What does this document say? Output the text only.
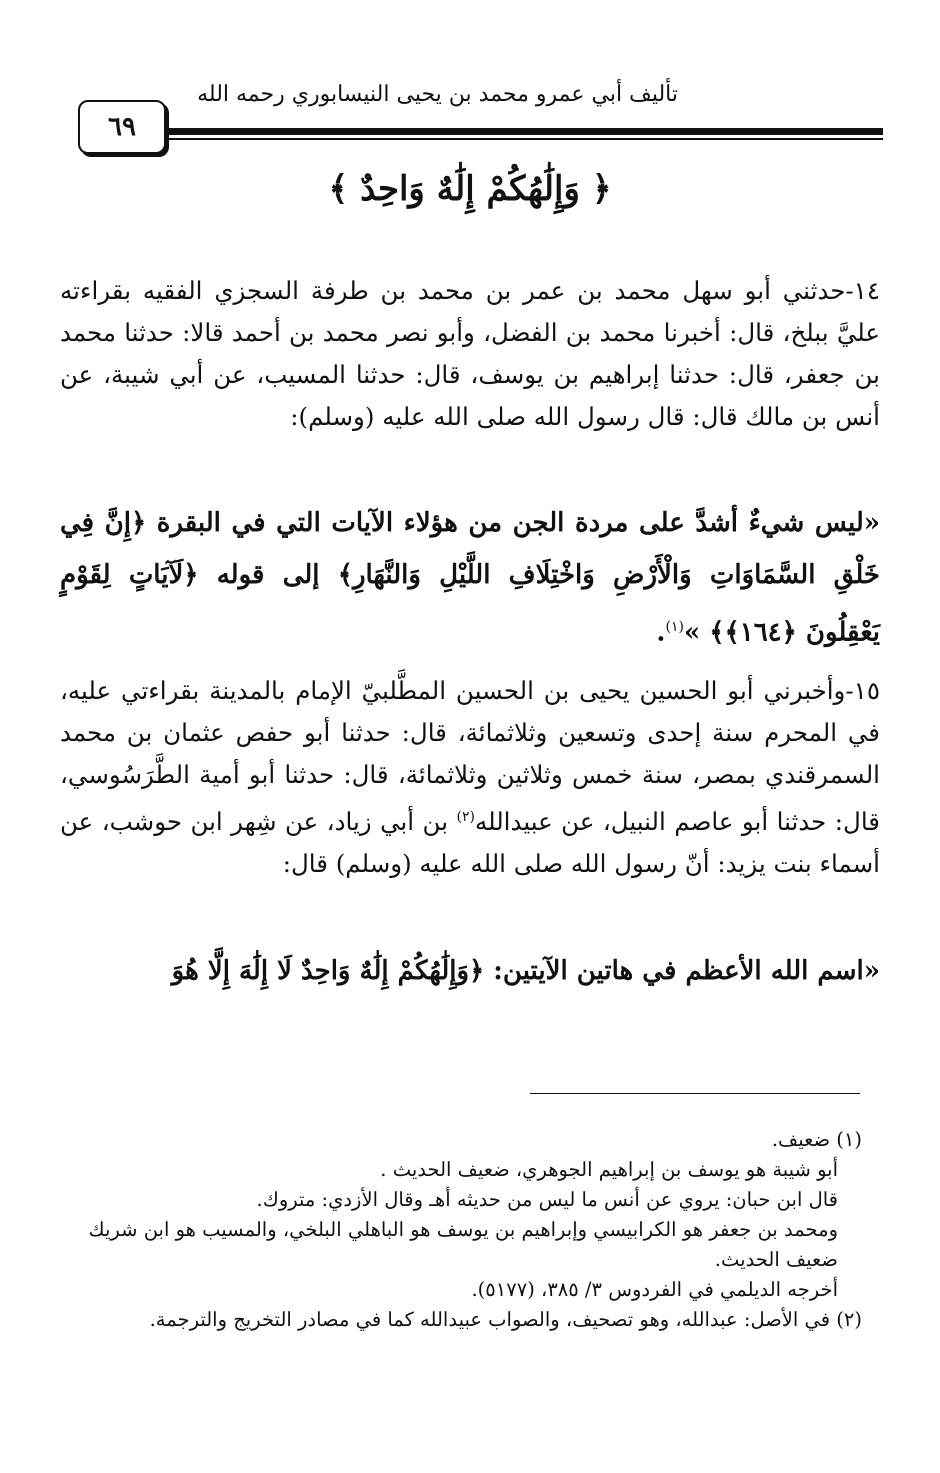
تأليف أبي عمرو محمد بن يحيى النيسابوري رحمه الله
٦٩
﴿ وَإِلَٰهُكُمْ إِلَٰهٌ وَاحِدٌ ﴾
١٤-حدثني أبو سهل محمد بن عمر بن محمد بن طرفة السجزي الفقيه بقراءته عليَّ ببلخ، قال: أخبرنا محمد بن الفضل، وأبو نصر محمد بن أحمد قالا: حدثنا محمد بن جعفر، قال: حدثنا إبراهيم بن يوسف، قال: حدثنا المسيب، عن أبي شيبة، عن أنس بن مالك قال: قال رسول الله صلى الله عليه (وسلم):
«ليس شيءٌ أشدَّ على مردة الجن من هؤلاء الآيات التي في البقرة ﴿إِنَّ فِي خَلْقِ السَّمَاوَاتِ وَالْأَرْضِ وَاخْتِلَافِ اللَّيْلِ وَالنَّهَارِ﴾ إلى قوله ﴿لَآيَاتٍ لِقَوْمٍ يَعْقِلُونَ ﴿١٦٤﴾﴾ »$^{(١)}$.
١٥-وأخبرني أبو الحسين يحيى بن الحسين المطَّلبيّ الإمام بالمدينة بقراءتي عليه، في المحرم سنة إحدى وتسعين وثلاثمائة، قال: حدثنا أبو حفص عثمان بن محمد السمرقندي بمصر، سنة خمس وثلاثين وثلاثمائة، قال: حدثنا أبو أمية الطَّرَسُوسي، قال: حدثنا أبو عاصم النبيل، عن عبيدالله$^{(٢)}$ بن أبي زياد، عن شِهر ابن حوشب، عن أسماء بنت يزيد: أنّ رسول الله صلى الله عليه (وسلم) قال:
«اسم الله الأعظم في هاتين الآيتين: ﴿وَإِلَٰهُكُمْ إِلَٰهٌ وَاحِدٌ لَا إِلَٰهَ إِلَّا هُوَ
(١) ضعيف.
أبو شيبة هو يوسف بن إبراهيم الجوهري، ضعيف الحديث .
قال ابن حبان: يروي عن أنس ما ليس من حديثه أهـ وقال الأزدي: متروك.
ومحمد بن جعفر هو الكرابيسي وإبراهيم بن يوسف هو الباهلي البلخي، والمسيب هو ابن شريك ضعيف الحديث.
أخرجه الديلمي في الفردوس ٣/ ٣٨٥، (٥١٧٧).
(٢) في الأصل: عبدالله، وهو تصحيف، والصواب عبيدالله كما في مصادر التخريج والترجمة.
